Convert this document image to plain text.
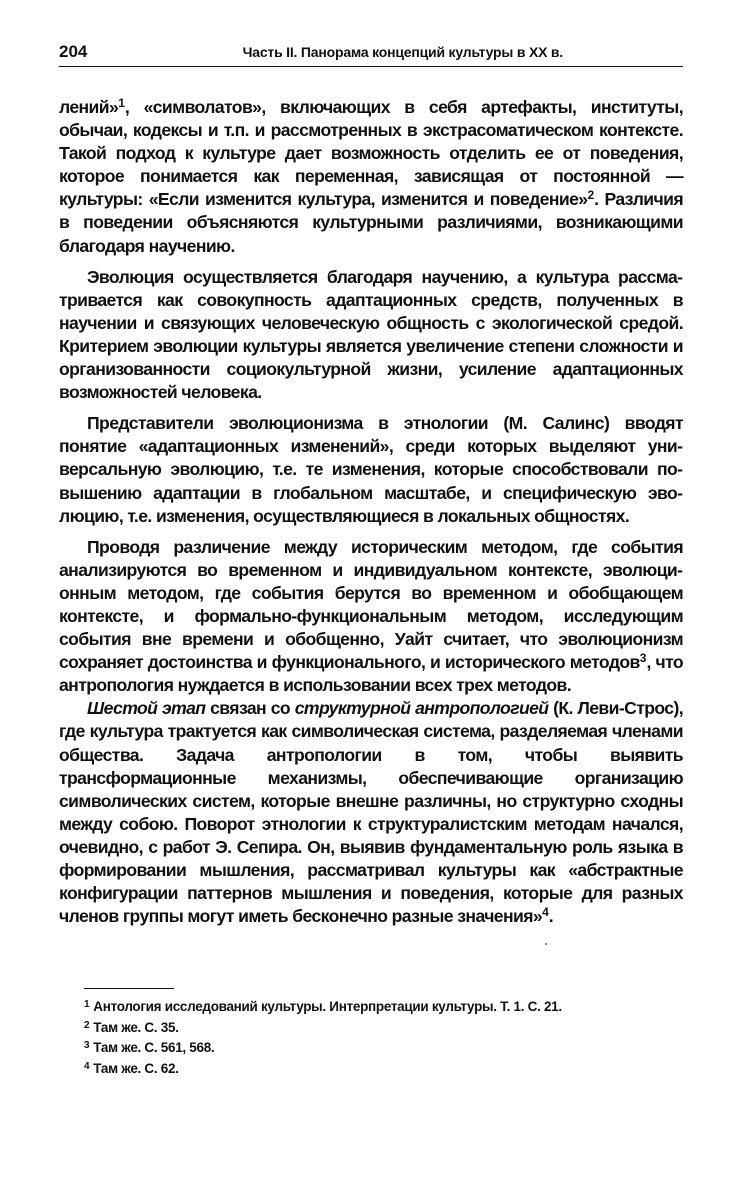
204	Часть II. Панорама концепций культуры в XX в.

лений»$^1$, «символатов», включающих в себя артефакты, институты, обычаи, кодексы и т.п. и рассмотренных в экстрасоматическом контексте. Такой подход к культуре дает возможность отделить ее от поведения, которое понимается как переменная, зависящая от постоянной — культуры: «Если изменится культура, изменится и поведение»$^2$. Различия в поведении объясняются культурными различиями, возникающими благодаря научению.

Эволюция осуществляется благодаря научению, а культура рассматривается как совокупность адаптационных средств, полученных в научении и связующих человеческую общность с экологической средой. Критерием эволюции культуры является увеличение степени сложности и организованности социокультурной жизни, усиление адаптационных возможностей человека.

Представители эволюционизма в этнологии (М. Салинс) вводят понятие «адаптационных изменений», среди которых выделяют универсальную эволюцию, т.е. те изменения, которые способствовали повышению адаптации в глобальном масштабе, и специфическую эволюцию, т.е. изменения, осуществляющиеся в локальных общностях.

Проводя различение между историческим методом, где события анализируются во временном и индивидуальном контексте, эволюционным методом, где события берутся во временном и обобщающем контексте, и формально-функциональным методом, исследующим события вне времени и обобщенно, Уайт считает, что эволюционизм сохраняет достоинства и функционального, и исторического методов$^3$, что антропология нуждается в использовании всех трех методов.

Шестой этап связан со структурной антропологией (К. Леви-Строс), где культура трактуется как символическая система, разделяемая членами общества. Задача антропологии в том, чтобы выявить трансформационные механизмы, обеспечивающие организацию символических систем, которые внешне различны, но структурно сходны между собою. Поворот этнологии к структуралистским методам начался, очевидно, с работ Э. Сепира. Он, выявив фундаментальную роль языка в формировании мышления, рассматривал культуры как «абстрактные конфигурации паттернов мышления и поведения, которые для разных членов группы могут иметь бесконечно разные значения»$^4$.

$^1$ Антология исследований культуры. Интерпретации культуры. Т. 1. С. 21.
$^2$ Там же. С. 35.
$^3$ Там же. С. 561, 568.
$^4$ Там же. С. 62.
